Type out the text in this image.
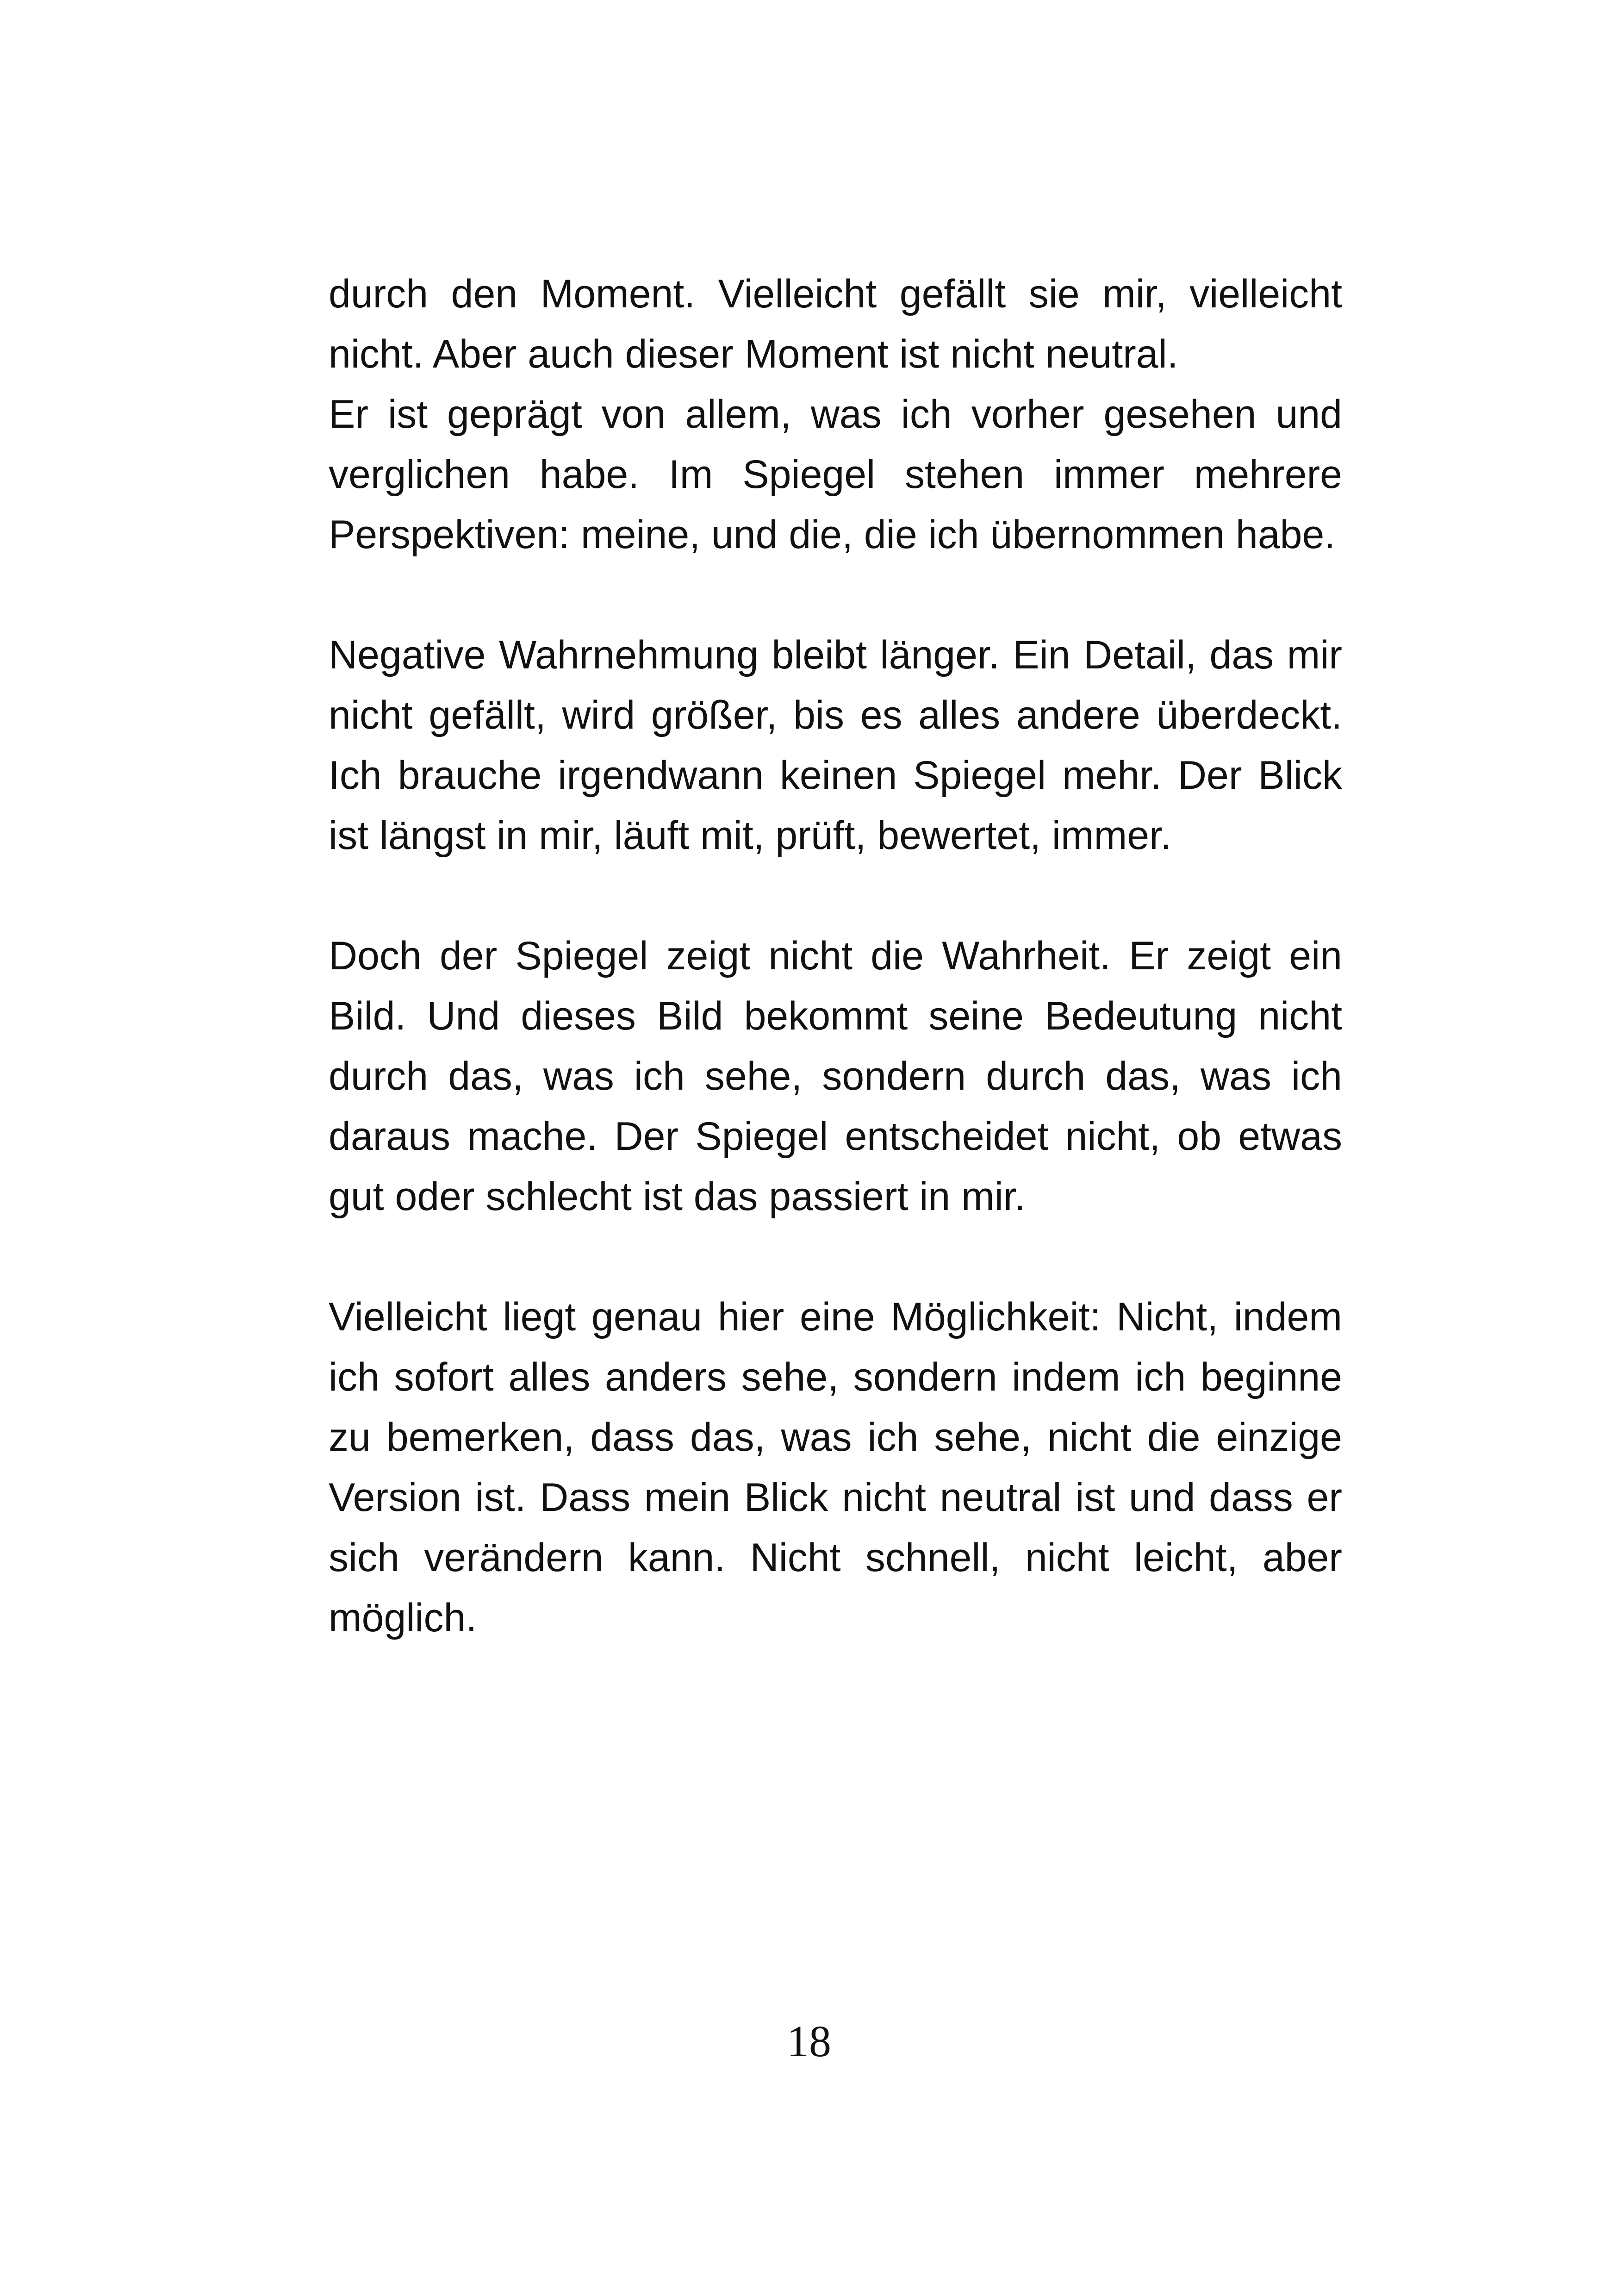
durch den Moment. Vielleicht gefällt sie mir, vielleicht nicht. Aber auch dieser Moment ist nicht neutral.
Er ist geprägt von allem, was ich vorher gesehen und verglichen habe. Im Spiegel stehen immer mehrere Perspektiven: meine, und die, die ich übernommen habe.

Negative Wahrnehmung bleibt länger. Ein Detail, das mir nicht gefällt, wird größer, bis es alles andere überdeckt. Ich brauche irgendwann keinen Spiegel mehr. Der Blick ist längst in mir, läuft mit, prüft, bewertet, immer.

Doch der Spiegel zeigt nicht die Wahrheit. Er zeigt ein Bild. Und dieses Bild bekommt seine Bedeutung nicht durch das, was ich sehe, sondern durch das, was ich daraus mache. Der Spiegel entscheidet nicht, ob etwas gut oder schlecht ist das passiert in mir.

Vielleicht liegt genau hier eine Möglichkeit: Nicht, indem ich sofort alles anders sehe, sondern indem ich beginne zu bemerken, dass das, was ich sehe, nicht die einzige Version ist. Dass mein Blick nicht neutral ist und dass er sich verändern kann. Nicht schnell, nicht leicht, aber möglich.

18
